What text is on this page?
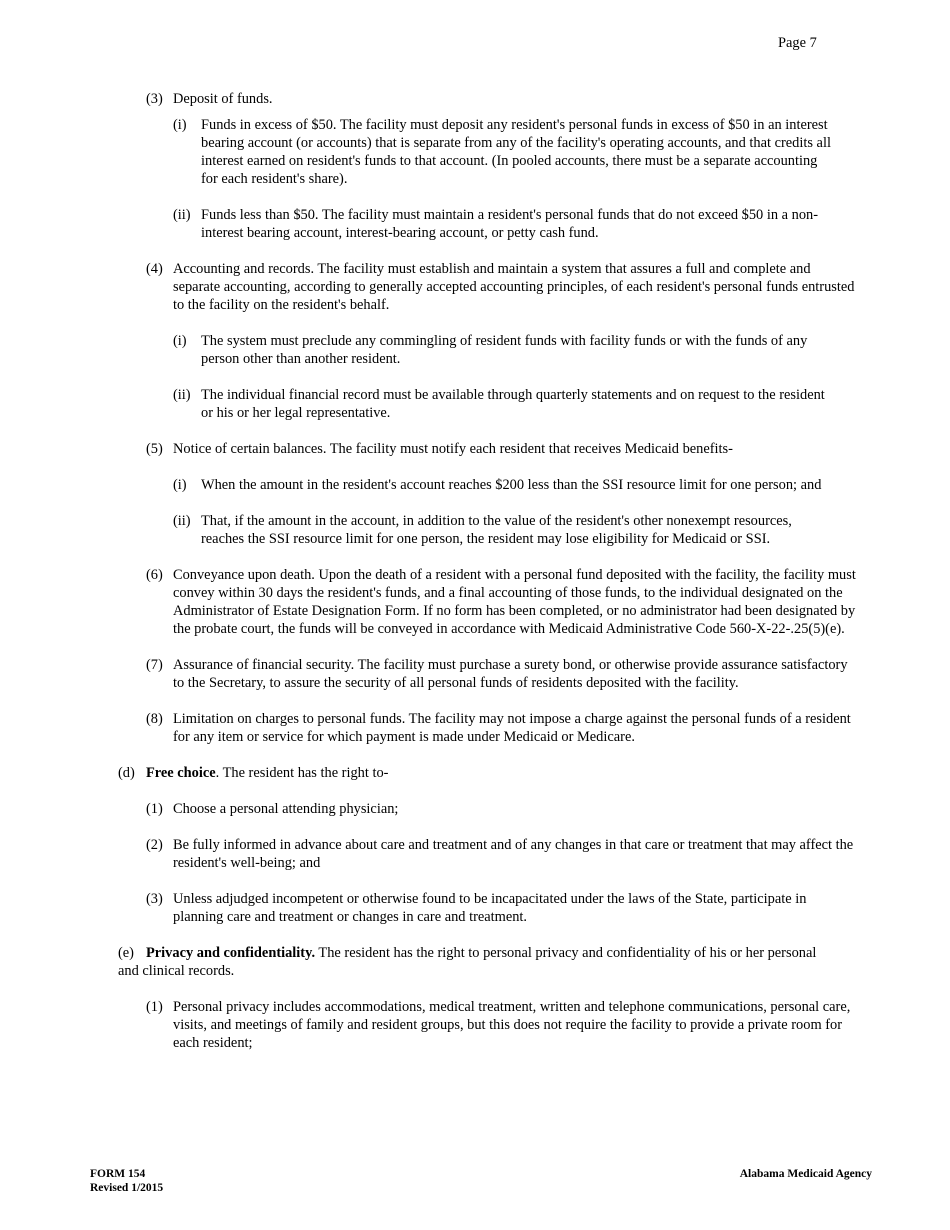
Page 7
(3) Deposit of funds.
(i) Funds in excess of $50. The facility must deposit any resident's personal funds in excess of $50 in an interest bearing account (or accounts) that is separate from any of the facility's operating accounts, and that credits all interest earned on resident's funds to that account. (In pooled accounts, there must be a separate accounting for each resident's share).
(ii) Funds less than $50. The facility must maintain a resident's personal funds that do not exceed $50 in a non-interest bearing account, interest-bearing account, or petty cash fund.
(4) Accounting and records. The facility must establish and maintain a system that assures a full and complete and separate accounting, according to generally accepted accounting principles, of each resident's personal funds entrusted to the facility on the resident's behalf.
(i) The system must preclude any commingling of resident funds with facility funds or with the funds of any person other than another resident.
(ii) The individual financial record must be available through quarterly statements and on request to the resident or his or her legal representative.
(5) Notice of certain balances. The facility must notify each resident that receives Medicaid benefits-
(i) When the amount in the resident's account reaches $200 less than the SSI resource limit for one person; and
(ii) That, if the amount in the account, in addition to the value of the resident's other nonexempt resources, reaches the SSI resource limit for one person, the resident may lose eligibility for Medicaid or SSI.
(6) Conveyance upon death. Upon the death of a resident with a personal fund deposited with the facility, the facility must convey within 30 days the resident's funds, and a final accounting of those funds, to the individual designated on the Administrator of Estate Designation Form. If no form has been completed, or no administrator had been designated by the probate court, the funds will be conveyed in accordance with Medicaid Administrative Code 560-X-22-.25(5)(e).
(7) Assurance of financial security. The facility must purchase a surety bond, or otherwise provide assurance satisfactory to the Secretary, to assure the security of all personal funds of residents deposited with the facility.
(8) Limitation on charges to personal funds. The facility may not impose a charge against the personal funds of a resident for any item or service for which payment is made under Medicaid or Medicare.
(d) Free choice. The resident has the right to-
(1) Choose a personal attending physician;
(2) Be fully informed in advance about care and treatment and of any changes in that care or treatment that may affect the resident's well-being; and
(3) Unless adjudged incompetent or otherwise found to be incapacitated under the laws of the State, participate in planning care and treatment or changes in care and treatment.
(e) Privacy and confidentiality. The resident has the right to personal privacy and confidentiality of his or her personal and clinical records.
(1) Personal privacy includes accommodations, medical treatment, written and telephone communications, personal care, visits, and meetings of family and resident groups, but this does not require the facility to provide a private room for each resident;
FORM 154
Revised 1/2015
Alabama Medicaid Agency
